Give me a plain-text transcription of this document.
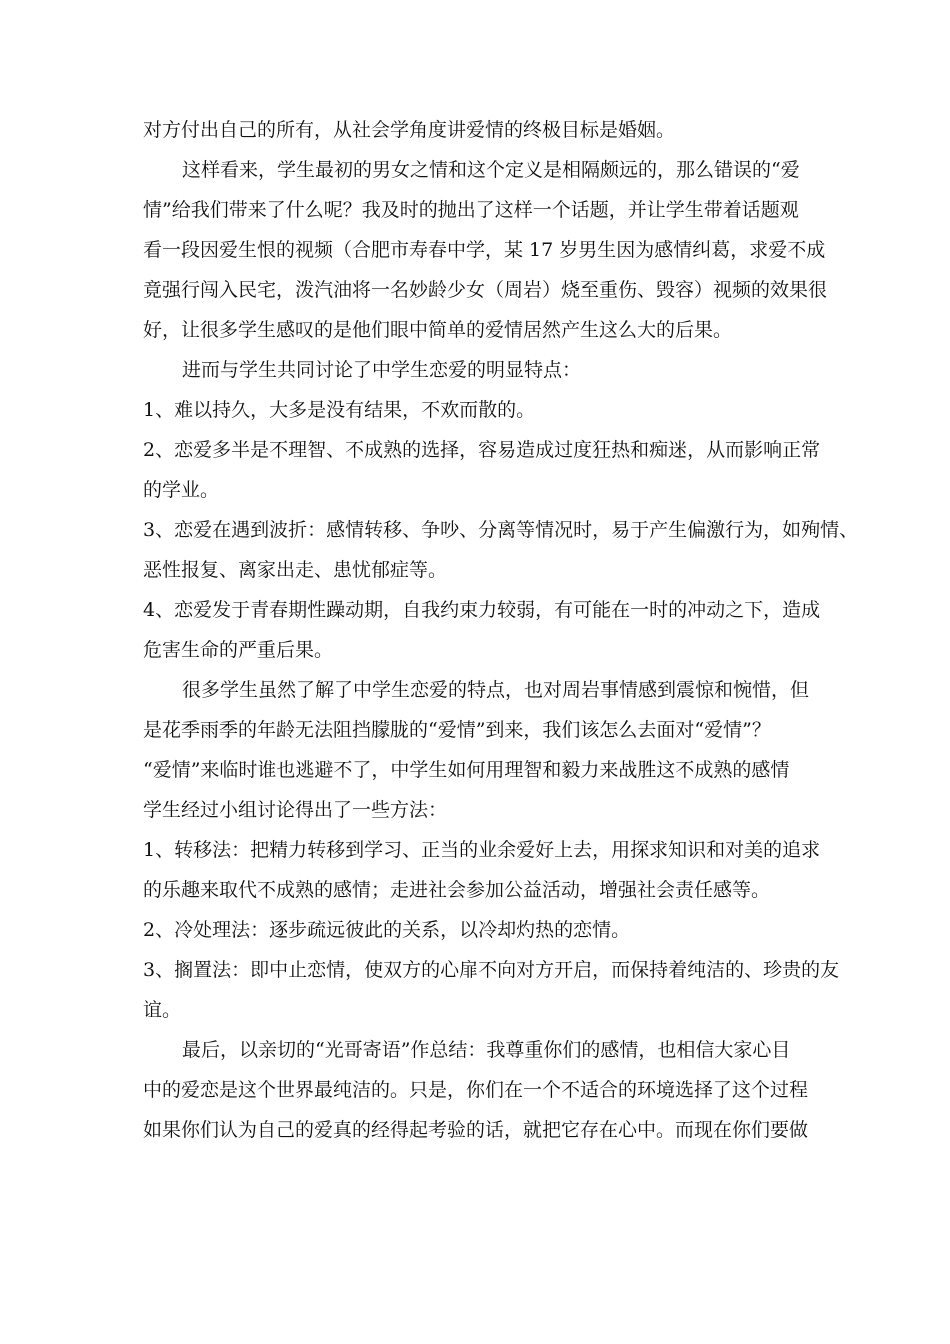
对方付出自己的所有，从社会学角度讲爱情的终极目标是婚姻。
这样看来，学生最初的男女之情和这个定义是相隔颇远的，那么错误的“爱
情”给我们带来了什么呢？我及时的抛出了这样一个话题，并让学生带着话题观
看一段因爱生恨的视频（合肥市寿春中学，某 17 岁男生因为感情纠葛，求爱不成
竟强行闯入民宅，泼汽油将一名妙龄少女（周岩）烧至重伤、毁容）视频的效果很
好，让很多学生感叹的是他们眼中简单的爱情居然产生这么大的后果。
进而与学生共同讨论了中学生恋爱的明显特点：
1、难以持久，大多是没有结果，不欢而散的。
2、恋爱多半是不理智、不成熟的选择，容易造成过度狂热和痴迷，从而影响正常
的学业。
3、恋爱在遇到波折：感情转移、争吵、分离等情况时，易于产生偏激行为，如殉情、
恶性报复、离家出走、患忧郁症等。
4、恋爱发于青春期性躁动期，自我约束力较弱，有可能在一时的冲动之下，造成
危害生命的严重后果。
很多学生虽然了解了中学生恋爱的特点，也对周岩事情感到震惊和惋惜，但
是花季雨季的年龄无法阻挡朦胧的“爱情”到来，我们该怎么去面对“爱情”？
“爱情”来临时谁也逃避不了，中学生如何用理智和毅力来战胜这不成熟的感情
学生经过小组讨论得出了一些方法：
1、转移法：把精力转移到学习、正当的业余爱好上去，用探求知识和对美的追求
的乐趣来取代不成熟的感情；走进社会参加公益活动，增强社会责任感等。
2、冷处理法：逐步疏远彼此的关系，以冷却灼热的恋情。
3、搁置法：即中止恋情，使双方的心扉不向对方开启，而保持着纯洁的、珍贵的友
谊。
最后，以亲切的“光哥寄语”作总结：我尊重你们的感情，也相信大家心目
中的爱恋是这个世界最纯洁的。只是，你们在一个不适合的环境选择了这个过程
如果你们认为自己的爱真的经得起考验的话，就把它存在心中。而现在你们要做
